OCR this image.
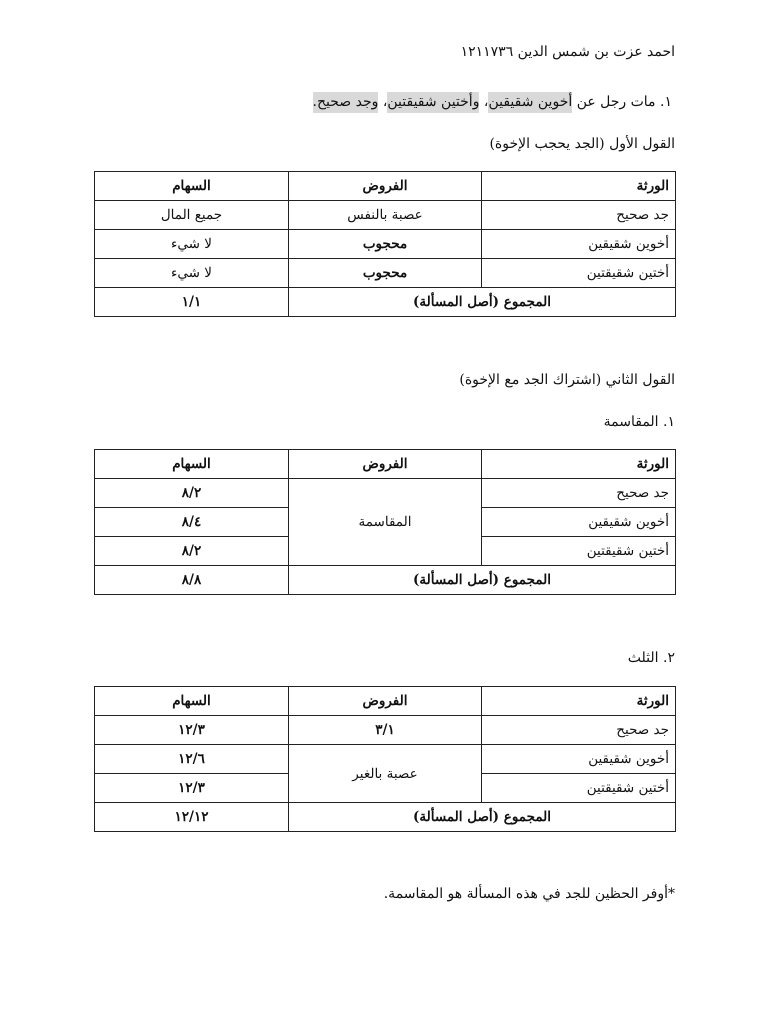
احمد عزت بن شمس الدين ١٢١١٧٣٦
١. مات رجل عن أخوين شقيقين، وأختين شقيقتين، وجد صحيح.
القول الأول (الجد يحجب الإخوة)
الورثة	الفروض	السهام
جد صحيح	عصبة بالنفس	جميع المال
أخوين شقيقين	محجوب	لا شيء
أختين شقيقتين	محجوب	لا شيء
المجموع (أصل المسألة)		١/١
القول الثاني (اشتراك الجد مع الإخوة)
١. المقاسمة
الورثة	الفروض	السهام
جد صحيح	المقاسمة	٨/٢
أخوين شقيقين		٨/٤
أختين شقيقتين		٨/٢
المجموع (أصل المسألة)		٨/٨
٢. الثلث
الورثة	الفروض	السهام
جد صحيح	٣/١	١٢/٣
أخوين شقيقين	عصبة بالغير	١٢/٦
أختين شقيقتين		١٢/٣
المجموع (أصل المسألة)		١٢/١٢
*أوفر الحظين للجد في هذه المسألة هو المقاسمة.
